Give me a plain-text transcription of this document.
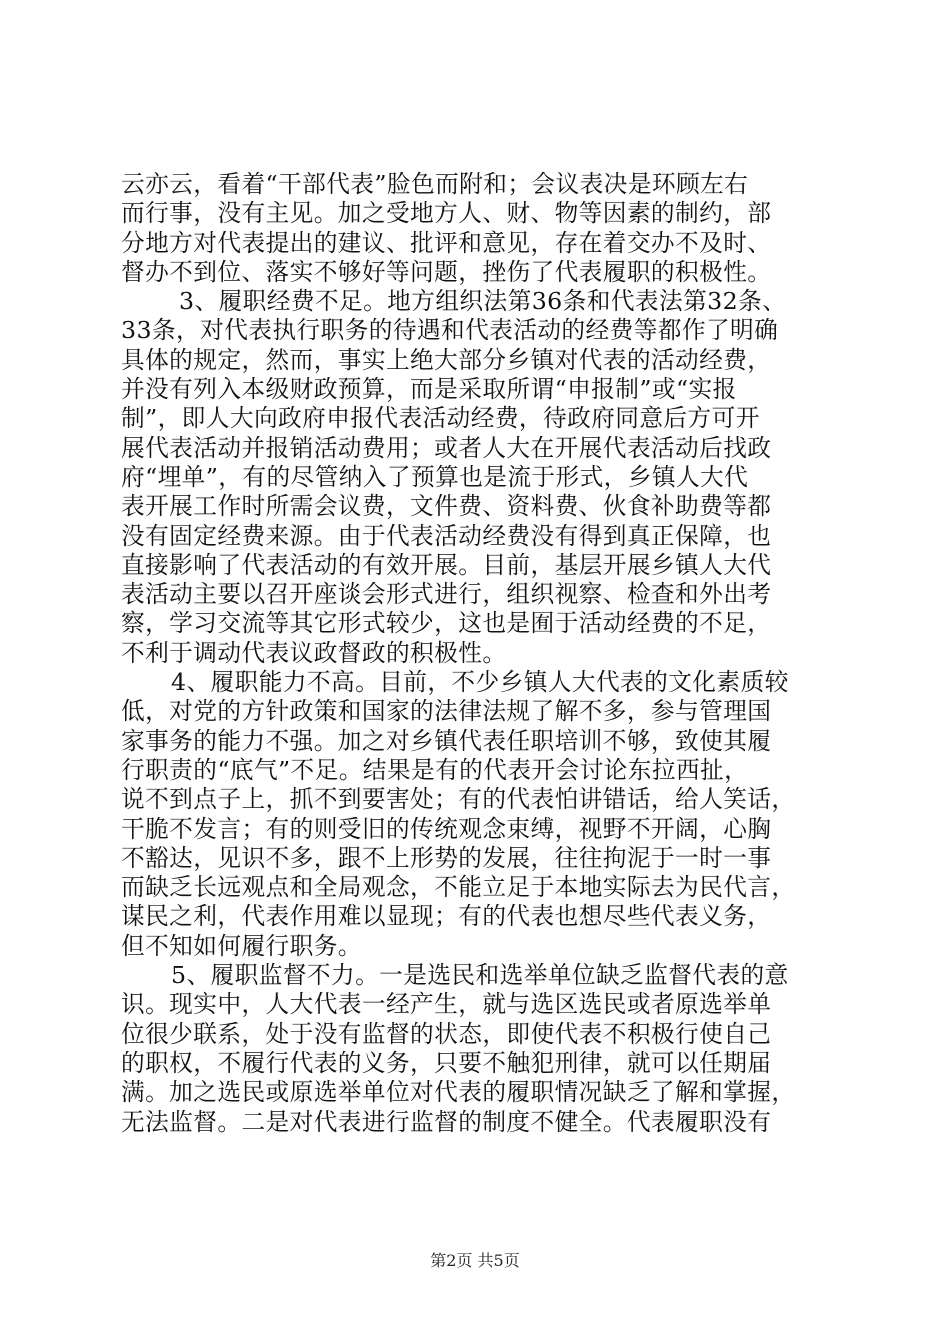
云亦云，看着“干部代表”脸色而附和；会议表决是环顾左右
而行事，没有主见。加之受地方人、财、物等因素的制约，部
分地方对代表提出的建议、批评和意见，存在着交办不及时、
督办不到位、落实不够好等问题，挫伤了代表履职的积极性。
3、履职经费不足。地方组织法第36条和代表法第32条、
33条，对代表执行职务的待遇和代表活动的经费等都作了明确
具体的规定，然而，事实上绝大部分乡镇对代表的活动经费，
并没有列入本级财政预算，而是采取所谓“申报制”或“实报
制”，即人大向政府申报代表活动经费，待政府同意后方可开
展代表活动并报销活动费用；或者人大在开展代表活动后找政
府“埋单”，有的尽管纳入了预算也是流于形式，乡镇人大代
表开展工作时所需会议费，文件费、资料费、伙食补助费等都
没有固定经费来源。由于代表活动经费没有得到真正保障，也
直接影响了代表活动的有效开展。目前，基层开展乡镇人大代
表活动主要以召开座谈会形式进行，组织视察、检查和外出考
察，学习交流等其它形式较少，这也是囿于活动经费的不足，
不利于调动代表议政督政的积极性。
4、履职能力不高。目前，不少乡镇人大代表的文化素质较
低，对党的方针政策和国家的法律法规了解不多，参与管理国
家事务的能力不强。加之对乡镇代表任职培训不够，致使其履
行职责的“底气”不足。结果是有的代表开会讨论东拉西扯，
说不到点子上，抓不到要害处；有的代表怕讲错话，给人笑话，
干脆不发言；有的则受旧的传统观念束缚，视野不开阔，心胸
不豁达，见识不多，跟不上形势的发展，往往拘泥于一时一事
而缺乏长远观点和全局观念，不能立足于本地实际去为民代言，
谋民之利，代表作用难以显现；有的代表也想尽些代表义务，
但不知如何履行职务。
5、履职监督不力。一是选民和选举单位缺乏监督代表的意
识。现实中，人大代表一经产生，就与选区选民或者原选举单
位很少联系，处于没有监督的状态，即使代表不积极行使自己
的职权，不履行代表的义务，只要不触犯刑律，就可以任期届
满。加之选民或原选举单位对代表的履职情况缺乏了解和掌握，
无法监督。二是对代表进行监督的制度不健全。代表履职没有
第2页 共5页
